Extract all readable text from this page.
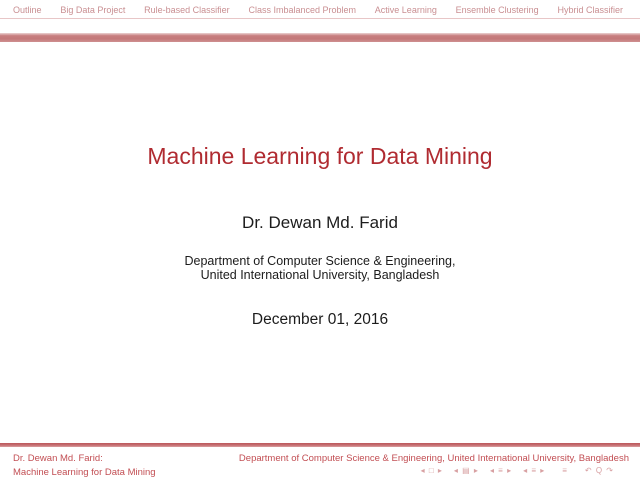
Outline Big Data Project Rule-based Classifier Class Imbalanced Problem Active Learning Ensemble Clustering Hybrid Classifier
Machine Learning for Data Mining
Dr. Dewan Md. Farid
Department of Computer Science & Engineering,
United International University, Bangladesh
December 01, 2016
Dr. Dewan Md. Farid:
Machine Learning for Data Mining
Department of Computer Science & Engineering, United International University, Bangladesh
◂ □ ▸ ◂ ▤ ▸ ◂ ≡ ▸ ◂ ≡ ▸ ≡ ↶ Q ↷
